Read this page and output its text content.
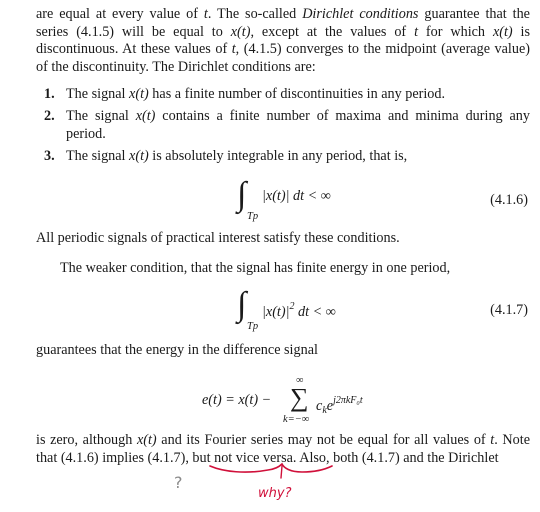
are equal at every value of t. The so-called Dirichlet conditions guarantee that the series (4.1.5) will be equal to x(t), except at the values of t for which x(t) is discontinuous. At these values of t, (4.1.5) converges to the midpoint (average value) of the discontinuity. The Dirichlet conditions are:
1. The signal x(t) has a finite number of discontinuities in any period.
2. The signal x(t) contains a finite number of maxima and minima during any period.
3. The signal x(t) is absolutely integrable in any period, that is,
∫
Tp
|x(t)| dt < ∞	(4.1.6)
All periodic signals of practical interest satisfy these conditions.
The weaker condition, that the signal has finite energy in one period,
∫
Tp
$|x(t)|^2$ dt < ∞	(4.1.7)
guarantees that the energy in the difference signal
e(t) = x(t) −
∞
∑
k=−∞
$c_ke^{j2\pi kF_0t}$
is zero, although x(t) and its Fourier series may not be equal for all values of t. Note that (4.1.6) implies (4.1.7), but not vice versa. Also, both (4.1.7) and the Dirichlet
?
why?
